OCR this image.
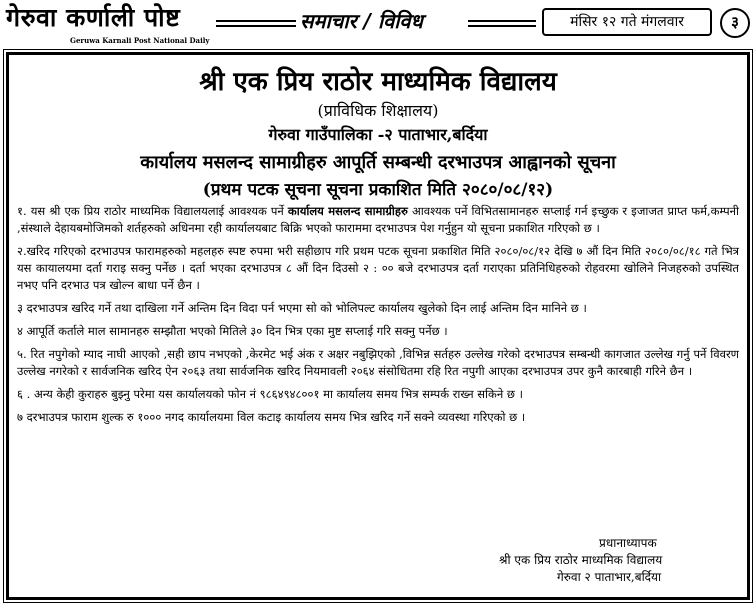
गेरुवा कर्णाली पोष्ट
Geruwa Karnali Post National Daily
समाचार / विविध	मंसिर १२ गते मंगलवार	३
श्री एक प्रिय राठोर माध्यमिक विद्यालय
(प्राविधिक शिक्षालय)
गेरुवा गाउँपालिका -२ पाताभार,बर्दिया
कार्यालय मसलन्द सामाग्रीहरु आपूर्ति सम्बन्धी दरभाउपत्र आह्वानको सूचना
(प्रथम पटक सूचना सूचना प्रकाशित मिति २०८०/०८/१२)

१. यस श्री एक प्रिय राठोर माध्यमिक विद्यालयलाई आवश्यक पर्ने कार्यालय मसलन्द सामाग्रीहरु आवश्यक पर्ने विभितसामानहरु सप्लाई गर्न इच्छुक र इजाजत प्राप्त फर्म,कम्पनी ,संस्थाले देहायबमोजिमको शर्तहरुको अधिनमा रही कार्यालयबाट बिक्रि भएको फाराममा दरभाउपत्र पेश गर्नुहुन यो सूचना प्रकाशित गरिएको छ ।

२.खरिद गरिएको दरभाउपत्र फारामहरुको महलहरु स्पष्ट रुपमा भरी सहीछाप गरि प्रथम पटक सूचना प्रकाशित मिति २०८०/०८/१२ देखि ७ औं दिन मिति २०८०/०८/१८ गते भित्र यस कायालयमा दर्ता गराइ सक्नु पर्नेछ । दर्ता भएका दरभाउपत्र ८ औं दिन दिउसो २ : ०० बजे दरभाउपत्र दर्ता गराएका प्रतिनिधिहरुको रोहवरमा खोलिने निजहरुको उपस्थित नभए पनि दरभाउ पत्र खोल्न बाधा पर्ने छैन ।

३ दरभाउपत्र खरिद गर्ने तथा दाखिला गर्ने अन्तिम दिन विदा पर्न भएमा सो को भोलिपल्ट कार्यालय खुलेको दिन लाई अन्तिम दिन मानिने छ ।

४ आपूर्ति कर्ताले माल सामानहरु सम्झौता भएको मितिले ३० दिन भित्र एका मुष्ट सप्लाई गरि सक्नु पर्नेछ ।

५. रित नपुगेको म्याद नाघी आएको ,सही छाप नभएको ,केरमेट भई अंक र अक्षर नबुझिएको ,विभिन्न सर्तहरु उल्लेख गरेको दरभाउपत्र सम्बन्धी कागजात उल्लेख गर्नु पर्ने विवरण उल्लेख नगरेको र सार्वजनिक खरिद ऐन २०६३ तथा सार्वजनिक खरिद नियमावली २०६४ संसोधितमा रहि रित नपुगी आएका दरभाउपत्र उपर कुनै कारबाही गरिने छैन ।

६ . अन्य केही कुराहरु बुझ्नु परेमा यस कार्यालयको फोन नं ९८६४९४८००१ मा कार्यालय समय भित्र सम्पर्क राख्न सकिने छ ।

७ दरभाउपत्र फाराम शुल्क रु १००० नगद कार्यालयमा विल कटाइ कार्यालय समय भित्र खरिद गर्ने सक्ने व्यवस्था गरिएको छ ।

प्रधानाध्यापक
श्री एक प्रिय राठोर माध्यमिक विद्यालय
गेरुवा २ पाताभार,बर्दिया
